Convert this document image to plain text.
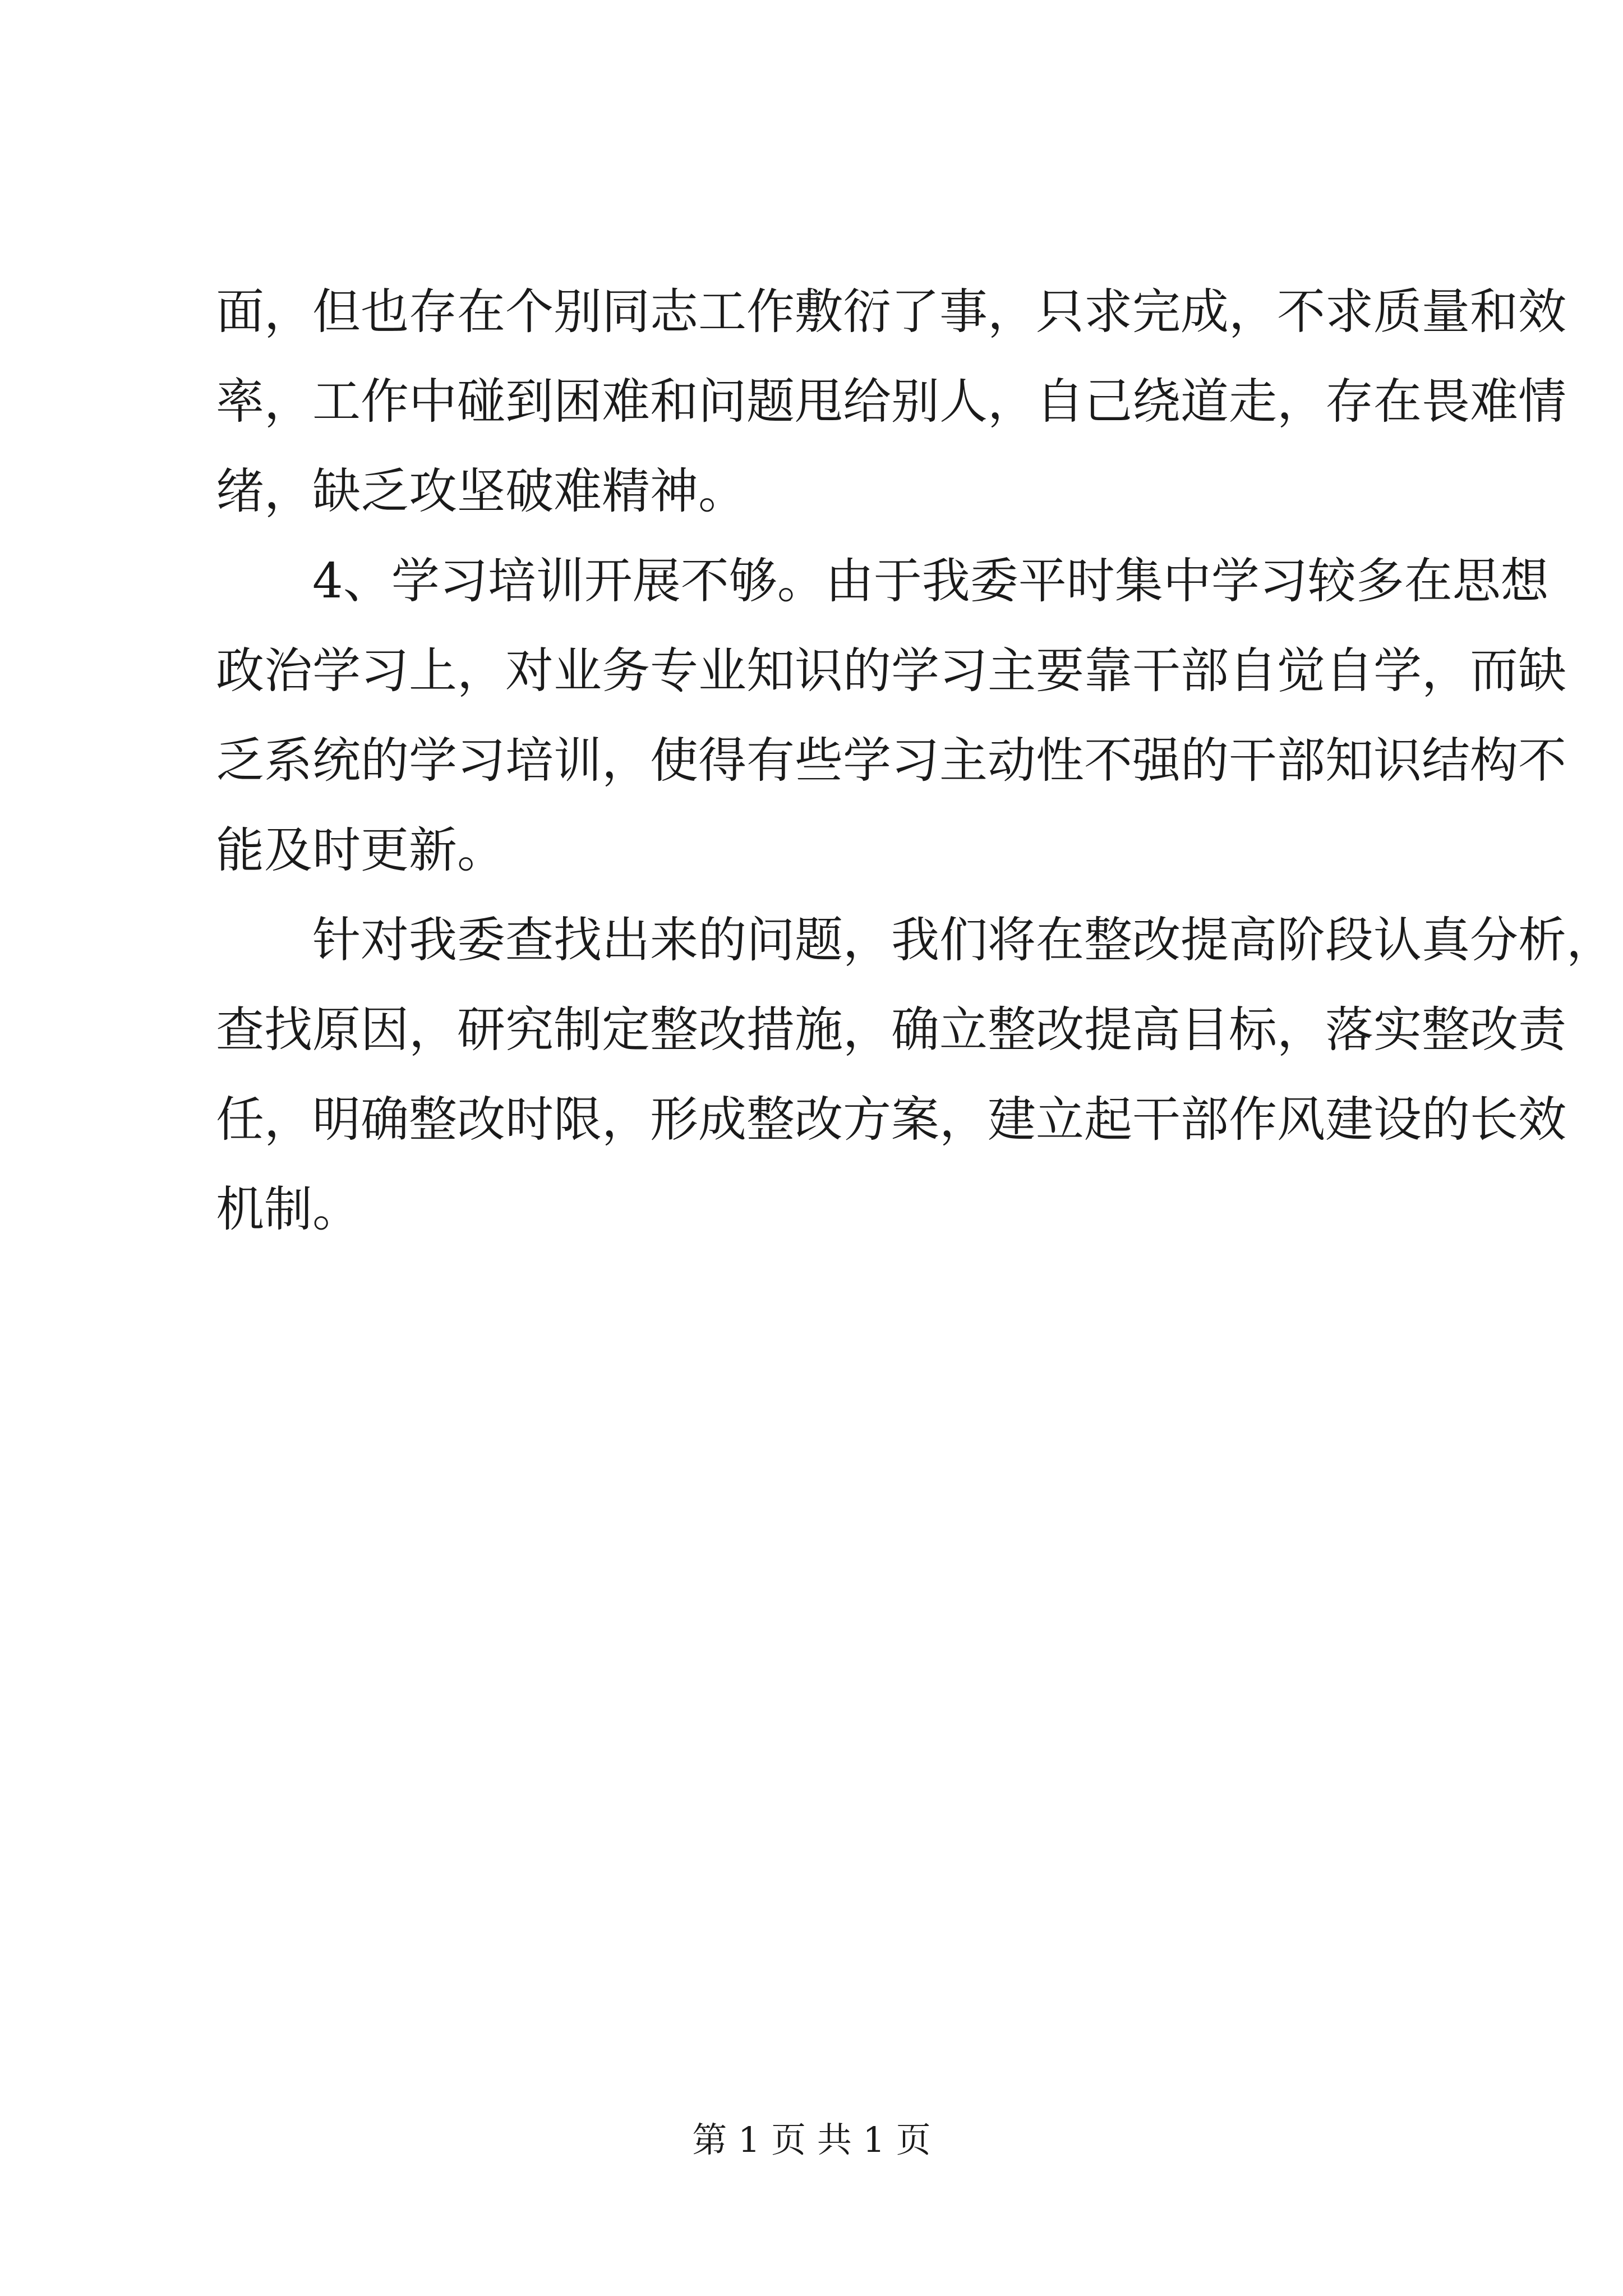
面，但也存在个别同志工作敷衍了事，只求完成，不求质量和效
率，工作中碰到困难和问题甩给别人，自己绕道走，存在畏难情
绪，缺乏攻坚破难精神。
　　4、学习培训开展不够。由于我委平时集中学习较多在思想
政治学习上，对业务专业知识的学习主要靠干部自觉自学，而缺
乏系统的学习培训，使得有些学习主动性不强的干部知识结构不
能及时更新。
　　针对我委查找出来的问题，我们将在整改提高阶段认真分析，
查找原因，研究制定整改措施，确立整改提高目标，落实整改责
任，明确整改时限，形成整改方案，建立起干部作风建设的长效
机制。
第 1 页 共 1 页
